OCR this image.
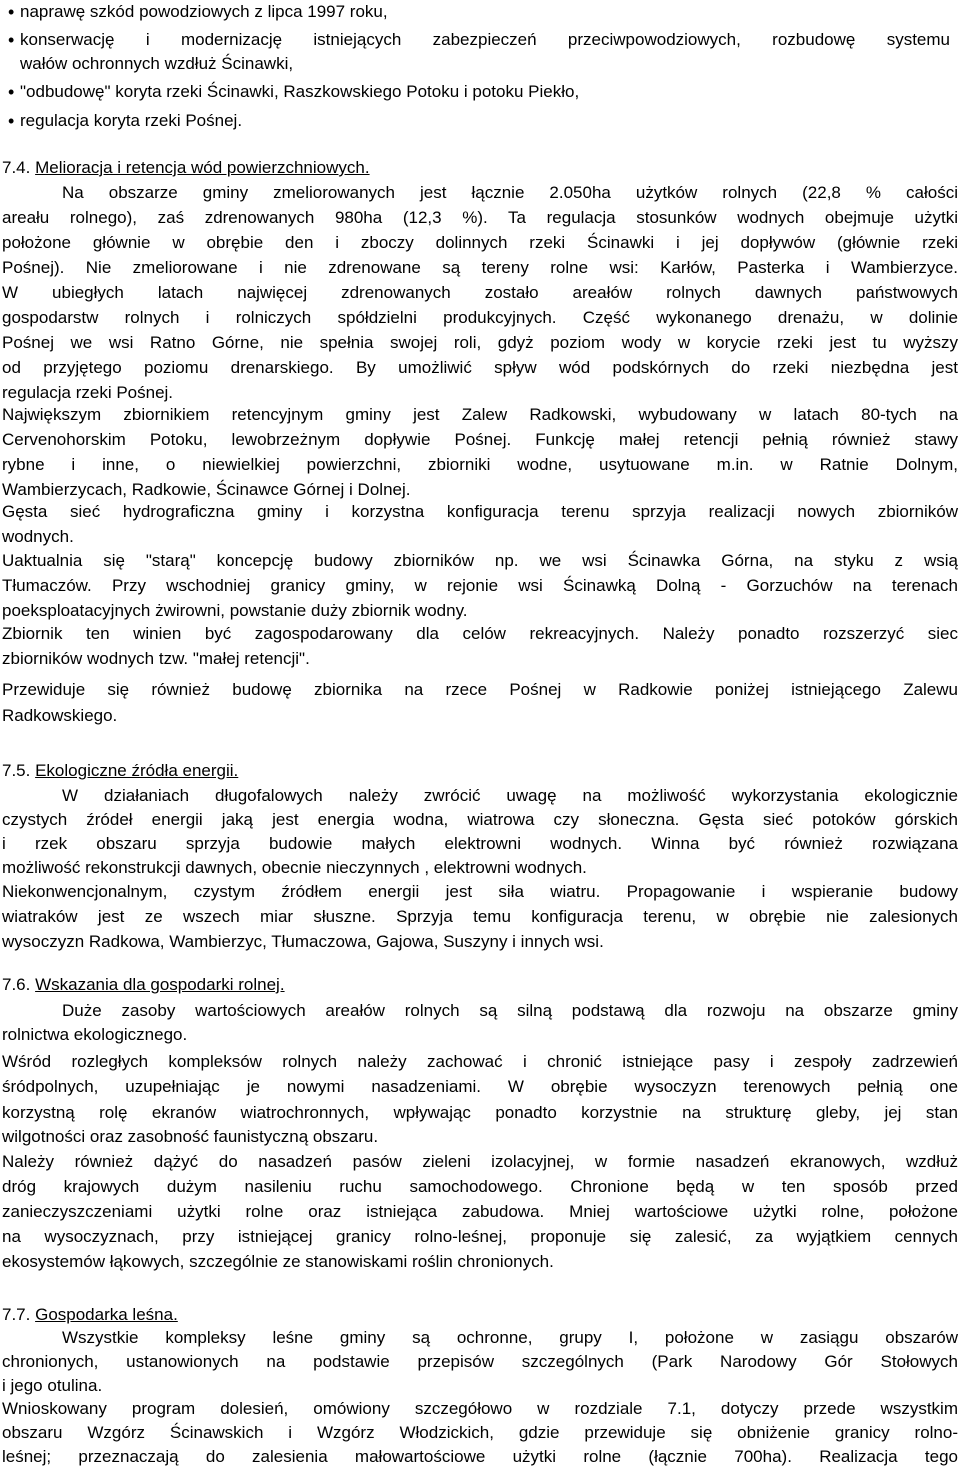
•
naprawę szkód powodziowych z lipca 1997 roku,
•
konserwację i modernizację istniejących zabezpieczeń przeciwpowodziowych, rozbudowę systemu
wałów ochronnych wzdłuż Ścinawki,
•
"odbudowę" koryta rzeki Ścinawki, Raszkowskiego Potoku i potoku Piekło,
•
regulacja koryta rzeki Pośnej.
7.4. Melioracja i retencja wód powierzchniowych.
Na obszarze gminy zmeliorowanych jest łącznie 2.050ha użytków rolnych (22,8 % całości
areału rolnego), zaś zdrenowanych 980ha (12,3 %). Ta regulacja stosunków wodnych obejmuje użytki
położone głównie w obrębie den i zboczy dolinnych rzeki Ścinawki i jej dopływów (głównie rzeki
Pośnej). Nie zmeliorowane i nie zdrenowane są tereny rolne wsi: Karłów, Pasterka i Wambierzyce.
W ubiegłych latach najwięcej zdrenowanych zostało areałów rolnych dawnych państwowych
gospodarstw rolnych i rolniczych spółdzielni produkcyjnych. Część wykonanego drenażu, w dolinie
Pośnej we wsi Ratno Górne, nie spełnia swojej roli, gdyż poziom wody w korycie rzeki jest tu wyższy
od przyjętego poziomu drenarskiego. By umożliwić spływ wód podskórnych do rzeki niezbędna jest
regulacja rzeki Pośnej.
Największym zbiornikiem retencyjnym gminy jest Zalew Radkowski, wybudowany w latach 80-tych na
Cervenohorskim Potoku, lewobrzeżnym dopływie Pośnej. Funkcję małej retencji pełnią również stawy
rybne i inne, o niewielkiej powierzchni, zbiorniki wodne, usytuowane m.in. w Ratnie Dolnym,
Wambierzycach, Radkowie, Ścinawce Górnej i Dolnej.
Gęsta sieć hydrograficzna gminy i korzystna konfiguracja terenu sprzyja realizacji nowych zbiorników
wodnych.
Uaktualnia się "starą" koncepcję budowy zbiorników np. we wsi Ścinawka Górna, na styku z wsią
Tłumaczów. Przy wschodniej granicy gminy, w rejonie wsi Ścinawką Dolną - Gorzuchów na terenach
poeksploatacyjnych żwirowni, powstanie duży zbiornik wodny.
Zbiornik ten winien być zagospodarowany dla celów rekreacyjnych. Należy ponadto rozszerzyć siec
zbiorników wodnych tzw. "małej retencji".
Przewiduje się również budowę zbiornika na rzece Pośnej w Radkowie poniżej istniejącego Zalewu
Radkowskiego.
7.5. Ekologiczne źródła energii.
W działaniach długofalowych należy zwrócić uwagę na możliwość wykorzystania ekologicznie
czystych źródeł energii jaką jest energia wodna, wiatrowa czy słoneczna. Gęsta sieć potoków górskich
i rzek obszaru sprzyja budowie małych elektrowni wodnych. Winna być również rozwiązana
możliwość rekonstrukcji dawnych, obecnie nieczynnych , elektrowni wodnych.
Niekonwencjonalnym, czystym źródłem energii jest siła wiatru. Propagowanie i wspieranie budowy
wiatraków jest ze wszech miar słuszne. Sprzyja temu konfiguracja terenu, w obrębie nie zalesionych
wysoczyzn Radkowa, Wambierzyc, Tłumaczowa, Gajowa, Suszyny i innych wsi.
7.6. Wskazania dla gospodarki rolnej.
Duże zasoby wartościowych areałów rolnych są silną podstawą dla rozwoju na obszarze gminy
rolnictwa ekologicznego.
Wśród rozległych kompleksów rolnych należy zachować i chronić istniejące pasy i zespoły zadrzewień
śródpolnych, uzupełniając je nowymi nasadzeniami. W obrębie wysoczyzn terenowych pełnią one
korzystną rolę ekranów wiatrochronnych, wpływając ponadto korzystnie na strukturę gleby, jej stan
wilgotności oraz zasobność faunistyczną obszaru.
Należy również dążyć do nasadzeń pasów zieleni izolacyjnej, w formie nasadzeń ekranowych, wzdłuż
dróg krajowych dużym nasileniu ruchu samochodowego. Chronione będą w ten sposób przed
zanieczyszczeniami użytki rolne oraz istniejąca zabudowa. Mniej wartościowe użytki rolne, położone
na wysoczyznach, przy istniejącej granicy rolno-leśnej, proponuje się zalesić, za wyjątkiem cennych
ekosystemów łąkowych, szczególnie ze stanowiskami roślin chronionych.
7.7. Gospodarka leśna.
Wszystkie kompleksy leśne gminy są ochronne, grupy I, położone w zasiągu obszarów
chronionych, ustanowionych na podstawie przepisów szczególnych (Park Narodowy Gór Stołowych
i jego otulina.
Wnioskowany program dolesień, omówiony szczegółowo w rozdziale 7.1, dotyczy przede wszystkim
obszaru Wzgórz Ścinawskich i Wzgórz Włodzickich, gdzie przewiduje się obniżenie granicy rolno-
leśnej; przeznaczają do zalesienia małowartościowe użytki rolne (łącznie 700ha). Realizacja tego
